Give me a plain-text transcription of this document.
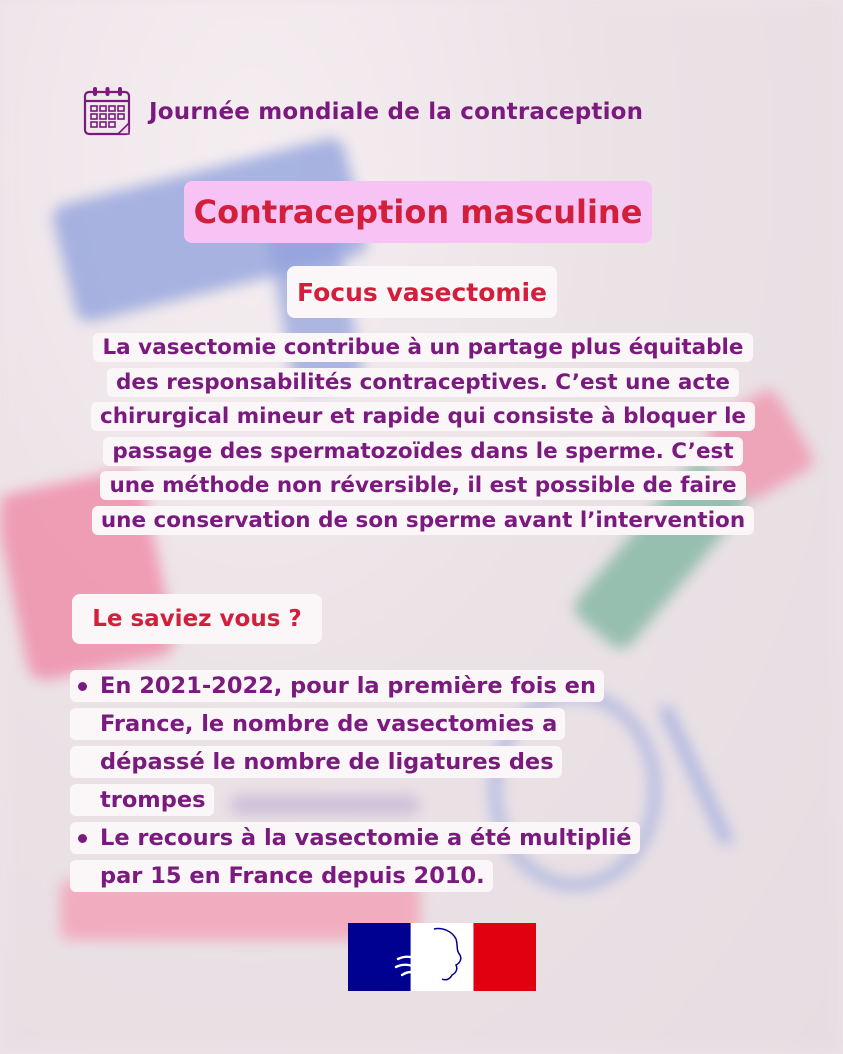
Journée mondiale de la contraception
Contraception masculine
Focus vasectomie
La vasectomie contribue à un partage plus équitable
des responsabilités contraceptives. C’est une acte
chirurgical mineur et rapide qui consiste à bloquer le
passage des spermatozoïdes dans le sperme. C’est
une méthode non réversible, il est possible de faire
une conservation de son sperme avant l’intervention
Le saviez vous ?
En 2021-2022, pour la première fois en
France, le nombre de vasectomies a
dépassé le nombre de ligatures des
trompes
Le recours à la vasectomie a été multiplié
par 15 en France depuis 2010.
